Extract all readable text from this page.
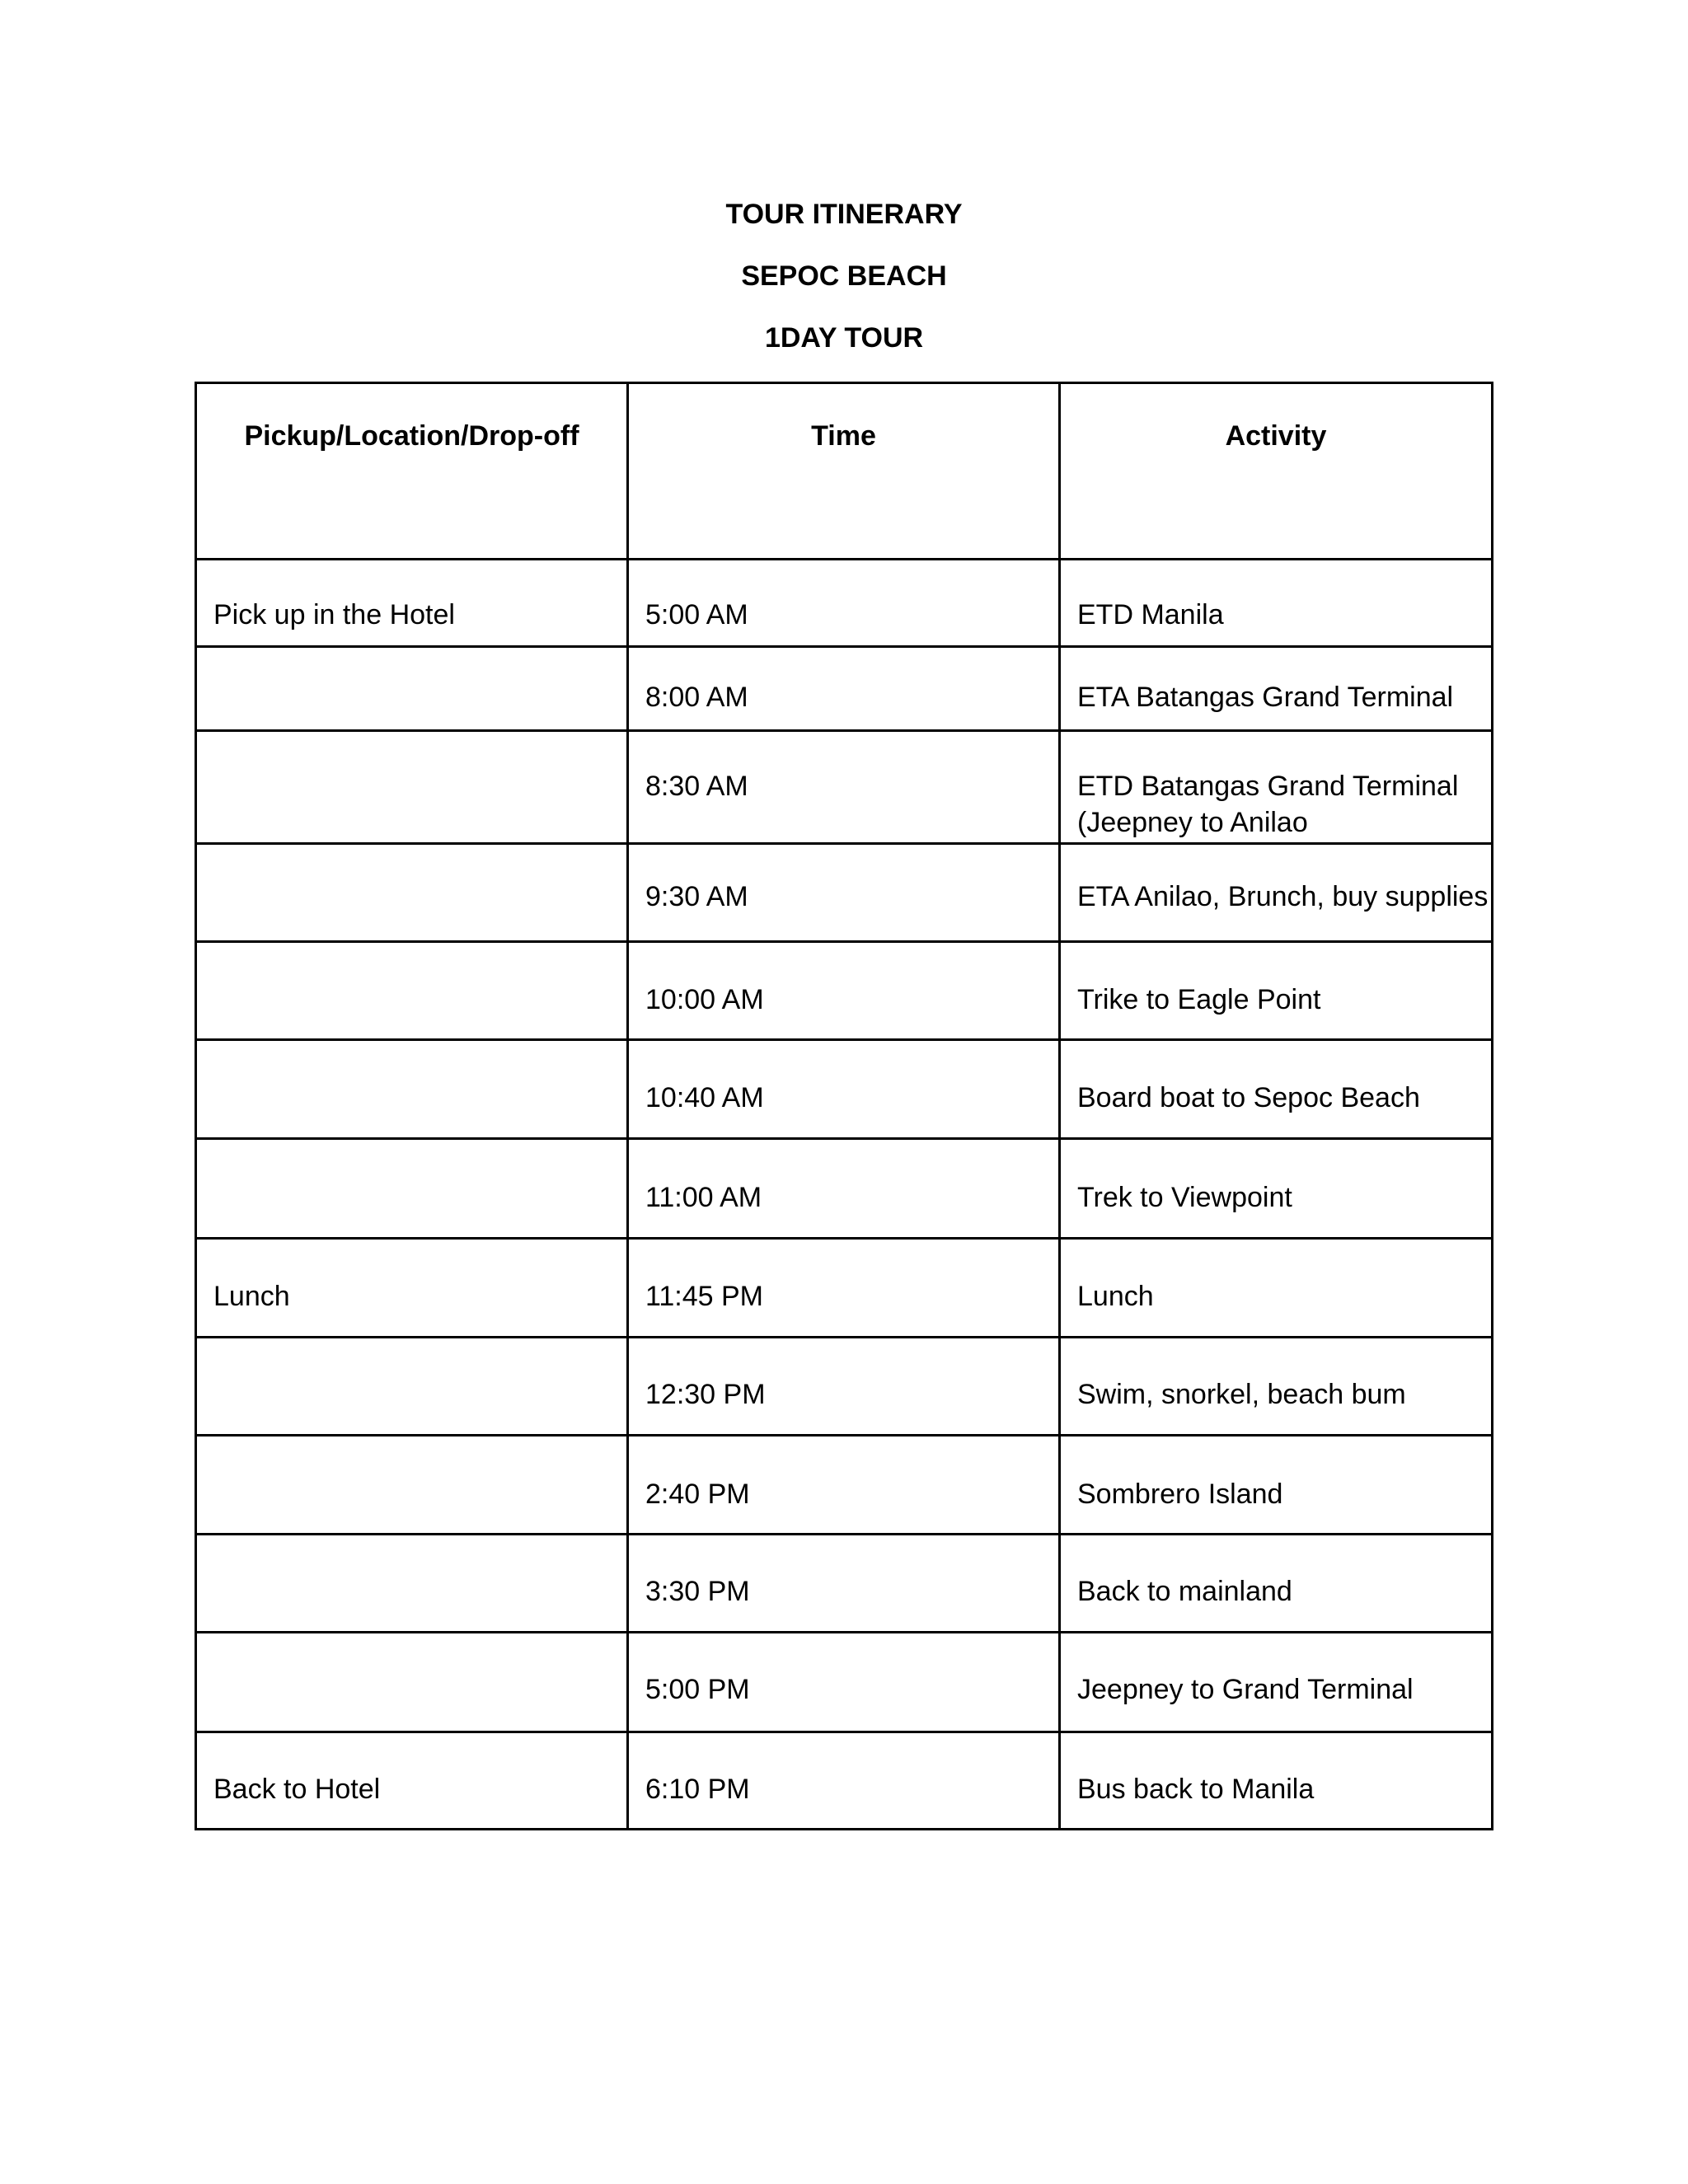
TOUR ITINERARY
SEPOC BEACH
1DAY TOUR
Pickup/Location/Drop-off	Time	Activity

Pick up in the Hotel	5:00 AM	ETD Manila

	8:00 AM	ETA Batangas Grand Terminal

	8:30 AM	ETD Batangas Grand Terminal
(Jeepney to Anilao

	9:30 AM	ETA Anilao, Brunch, buy supplies

	10:00 AM	Trike to Eagle Point

	10:40 AM	Board boat to Sepoc Beach

	11:00 AM	Trek to Viewpoint

Lunch	11:45 PM	Lunch

	12:30 PM	Swim, snorkel, beach bum

	2:40 PM	Sombrero Island

	3:30 PM	Back to mainland

	5:00 PM	Jeepney to Grand Terminal

Back to Hotel	6:10 PM	Bus back to Manila
